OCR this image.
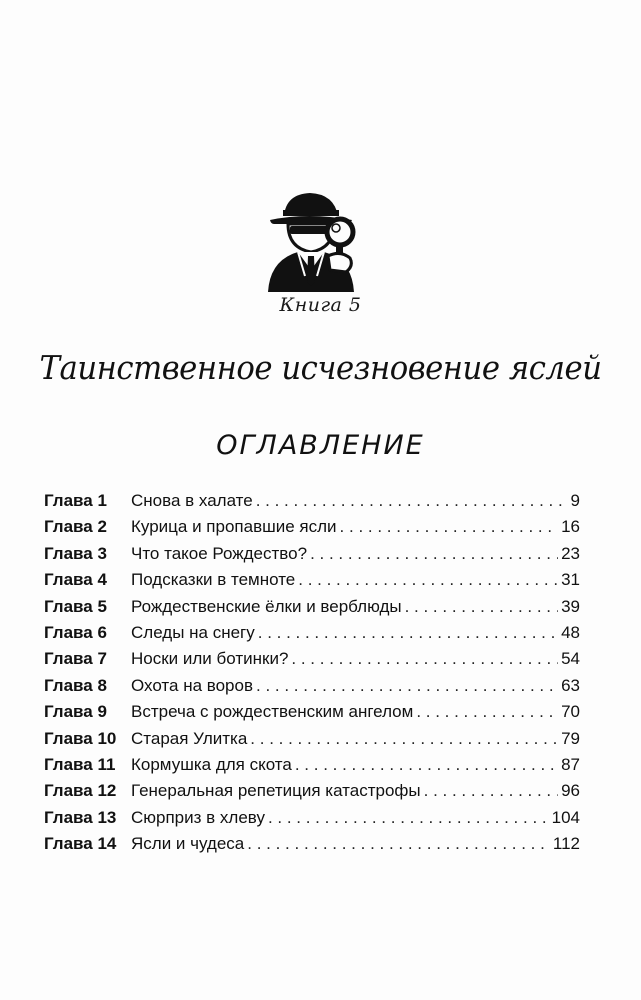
Книга 5
Таинственное исчезновение яслей
ОГЛАВЛЕНИЕ
Глава 1	Снова в халате . . .	9
Глава 2	Курица и пропавшие ясли . . .	16
Глава 3	Что такое Рождество? . . .	23
Глава 4	Подсказки в темноте . . .	31
Глава 5	Рождественские ёлки и верблюды . . .	39
Глава 6	Следы на снегу . . .	48
Глава 7	Носки или ботинки? . . .	54
Глава 8	Охота на воров . . .	63
Глава 9	Встреча с рождественским ангелом . . .	70
Глава 10 Старая Улитка . . .	79
Глава 11 Кормушка для скота . . .	87
Глава 12 Генеральная репетиция катастрофы . . .	96
Глава 13 Сюрприз в хлеву . . .	104
Глава 14 Ясли и чудеса . . .	112
